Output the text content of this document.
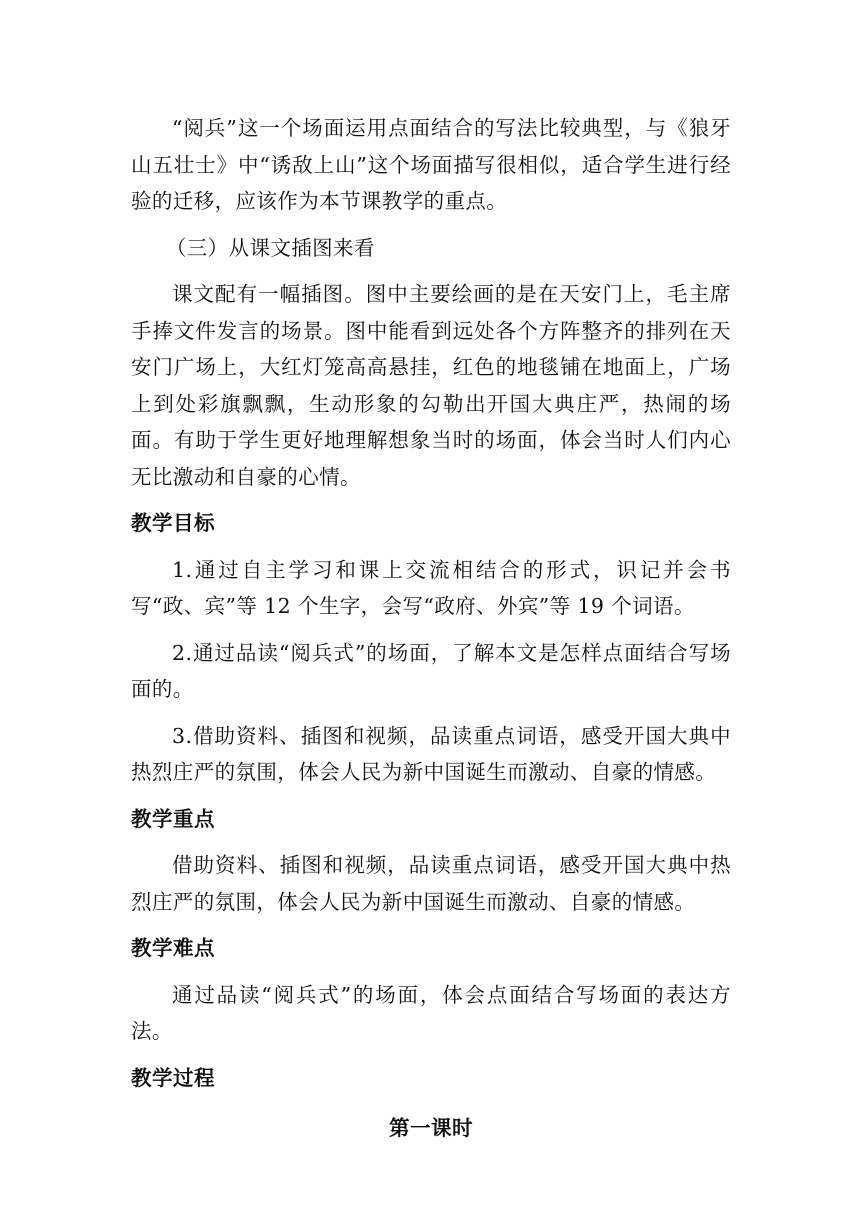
“阅兵”这一个场面运用点面结合的写法比较典型，与《狼牙山五壮士》中“诱敌上山”这个场面描写很相似，适合学生进行经验的迁移，应该作为本节课教学的重点。

（三）从课文插图来看

课文配有一幅插图。图中主要绘画的是在天安门上，毛主席手捧文件发言的场景。图中能看到远处各个方阵整齐的排列在天安门广场上，大红灯笼高高悬挂，红色的地毯铺在地面上，广场上到处彩旗飘飘，生动形象的勾勒出开国大典庄严，热闹的场面。有助于学生更好地理解想象当时的场面，体会当时人们内心无比激动和自豪的心情。

教学目标

1.通过自主学习和课上交流相结合的形式，识记并会书写“政、宾”等 12 个生字，会写“政府、外宾”等 19 个词语。

2.通过品读“阅兵式”的场面，了解本文是怎样点面结合写场面的。

3.借助资料、插图和视频，品读重点词语，感受开国大典中热烈庄严的氛围，体会人民为新中国诞生而激动、自豪的情感。

教学重点

借助资料、插图和视频，品读重点词语，感受开国大典中热烈庄严的氛围，体会人民为新中国诞生而激动、自豪的情感。

教学难点

通过品读“阅兵式”的场面，体会点面结合写场面的表达方法。

教学过程
第一课时
